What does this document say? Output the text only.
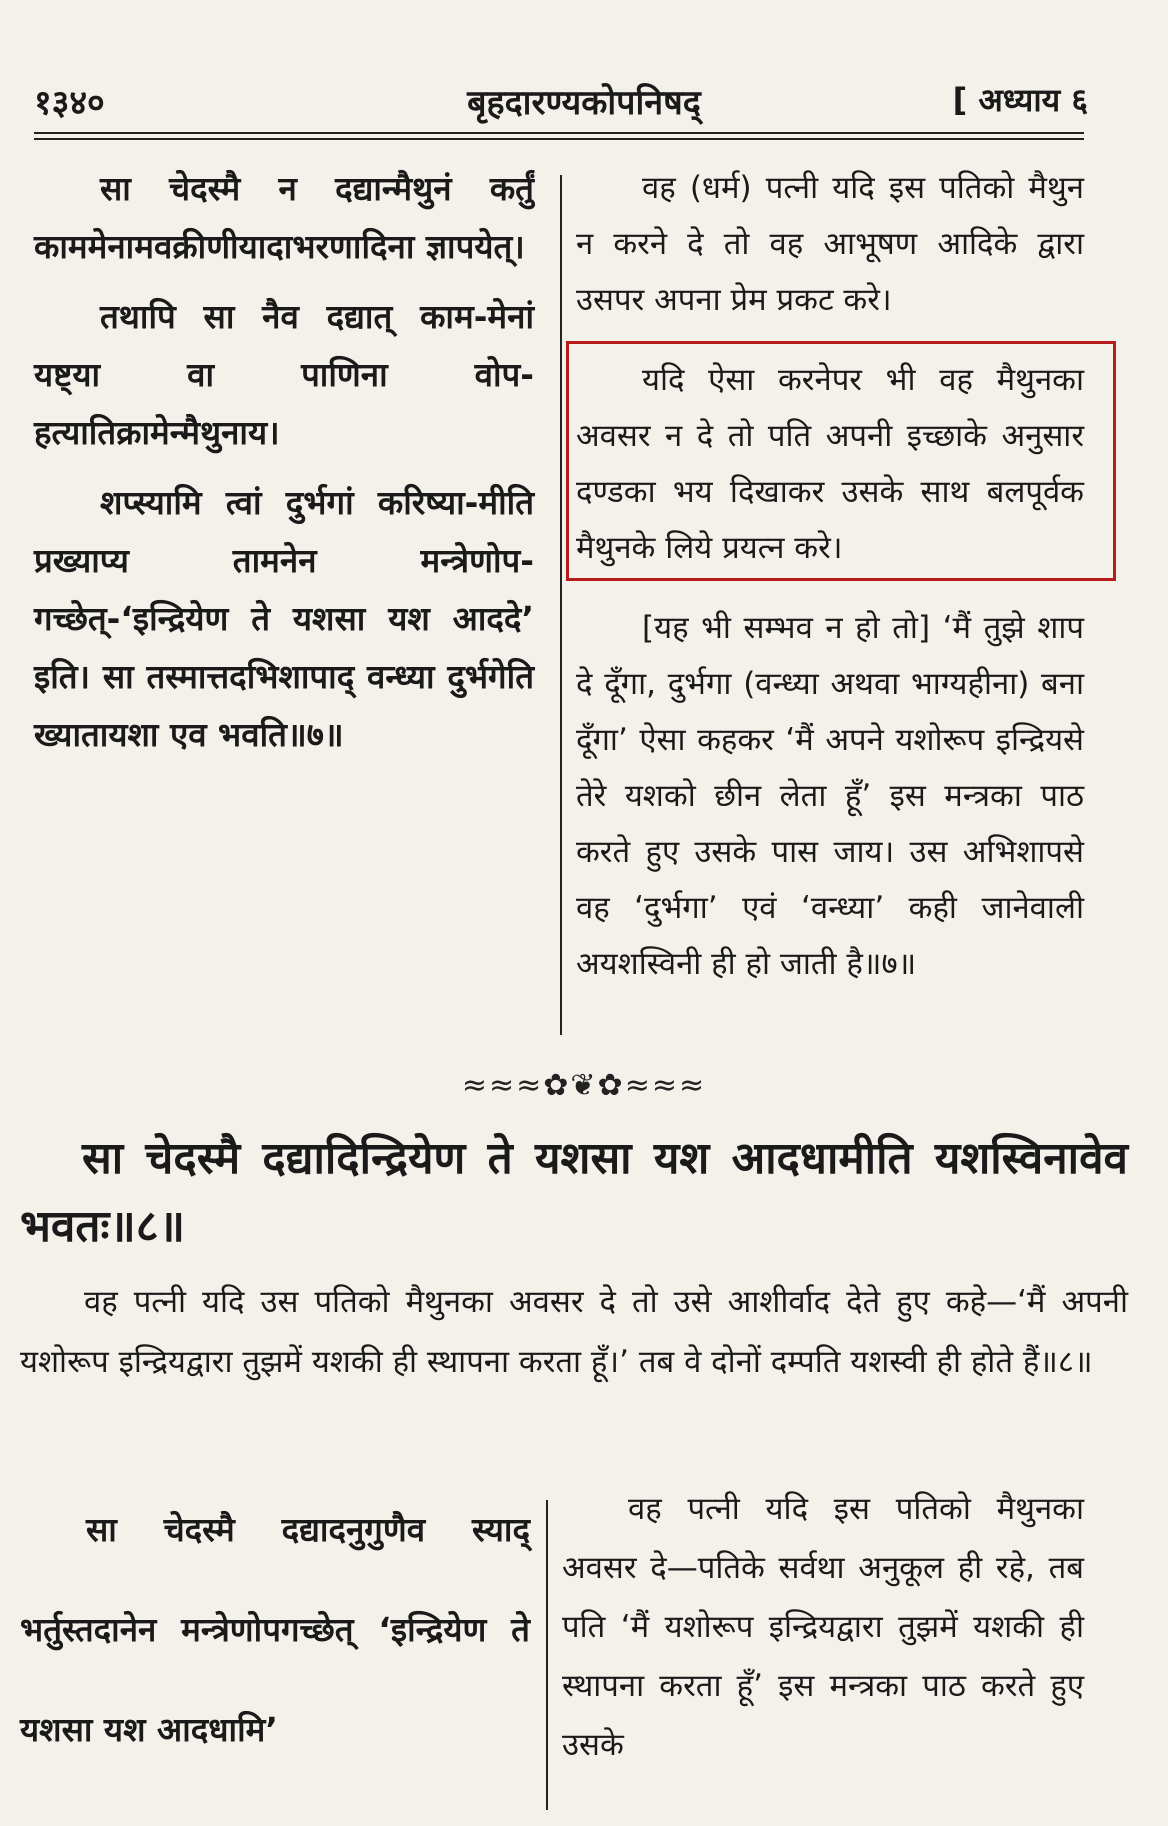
बृहदारण्यकोपनिषद्
१३४०	[ अध्याय ६

सा चेदस्मै न दद्यान्मैथुनं कर्तुं काममेनामवक्रीणीयादाभरणादिना ज्ञापयेत्।

तथापि सा नैव दद्यात् काम-मेनां यष्ट्या वा पाणिना वोप-हत्यातिक्रामेन्मैथुनाय।

शप्स्यामि त्वां दुर्भगां करिष्या-मीति प्रख्याप्य तामनेन मन्त्रेणोप-गच्छेत्-‘इन्द्रियेण ते यशसा यश आददे’ इति। सा तस्मात्तदभिशापाद् वन्ध्या दुर्भगेति ख्यातायशा एव भवति॥७॥

वह (धर्म) पत्नी यदि इस पतिको मैथुन न करने दे तो वह आभूषण आदिके द्वारा उसपर अपना प्रेम प्रकट करे।

यदि ऐसा करनेपर भी वह मैथुनका अवसर न दे तो पति अपनी इच्छाके अनुसार दण्डका भय दिखाकर उसके साथ बलपूर्वक मैथुनके लिये प्रयत्न करे।

[यह भी सम्भव न हो तो] ‘मैं तुझे शाप दे दूँगा, दुर्भगा (वन्ध्या अथवा भाग्यहीना) बना दूँगा’ ऐसा कहकर ‘मैं अपने यशोरूप इन्द्रियसे तेरे यशको छीन लेता हूँ’ इस मन्त्रका पाठ करते हुए उसके पास जाय। उस अभिशापसे वह ‘दुर्भगा’ एवं ‘वन्ध्या’ कही जानेवाली अयशस्विनी ही हो जाती है॥७॥

≈≈≈✿❦✿≈≈≈
सा चेदस्मै दद्यादिन्द्रियेण ते यशसा यश आदधामीति यशस्विनावेव भवतः॥८॥
वह पत्नी यदि उस पतिको मैथुनका अवसर दे तो उसे आशीर्वाद देते हुए कहे—‘मैं अपनी यशोरूप इन्द्रियद्वारा तुझमें यशकी ही स्थापना करता हूँ।’ तब वे दोनों दम्पति यशस्वी ही होते हैं॥८॥

सा चेदस्मै दद्यादनुगुणैव स्याद् भर्तुस्तदानेन मन्त्रेणोपगच्छेत् ‘इन्द्रियेण ते यशसा यश आदधामि’

वह पत्नी यदि इस पतिको मैथुनका अवसर दे—पतिके सर्वथा अनुकूल ही रहे, तब पति ‘मैं यशोरूप इन्द्रियद्वारा तुझमें यशकी ही स्थापना करता हूँ’ इस मन्त्रका पाठ करते हुए उसके
